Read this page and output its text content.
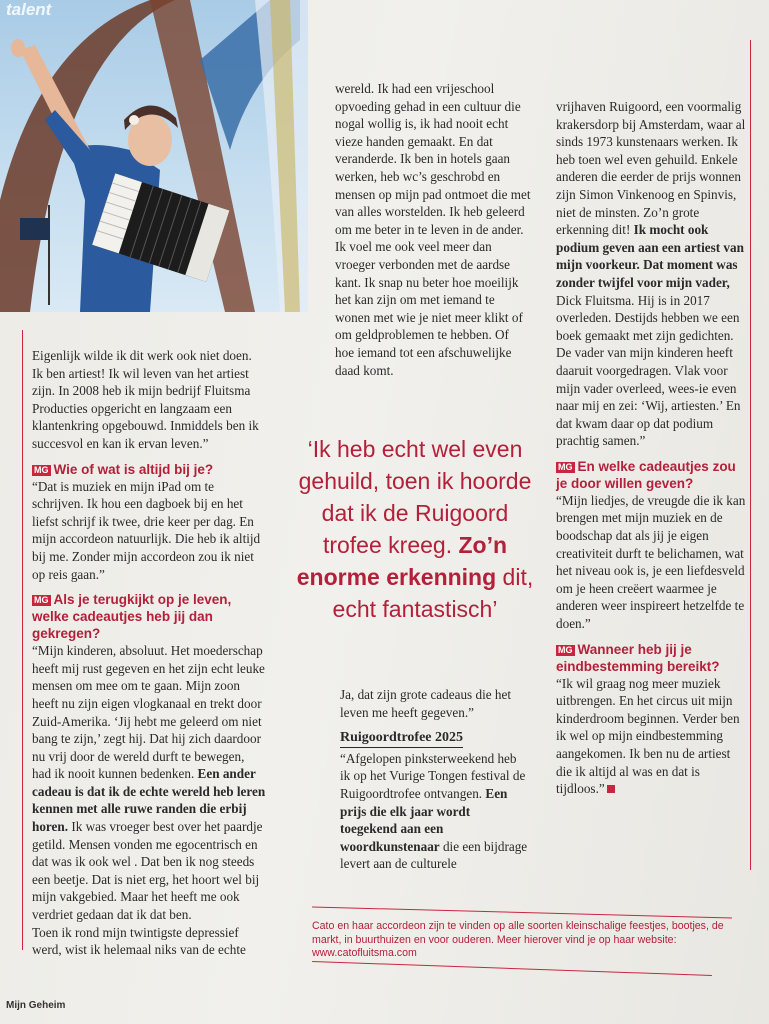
talent

Eigenlijk wilde ik dit werk ook niet doen. Ik ben artiest! Ik wil leven van het artiest zijn. In 2008 heb ik mijn bedrijf Fluitsma Producties opgericht en langzaam een klantenkring opgebouwd. Inmiddels ben ik succesvol en kan ik ervan leven.”

MG Wie of wat is altijd bij je?

“Dat is muziek en mijn iPad om te schrijven. Ik hou een dagboek bij en het liefst schrijf ik twee, drie keer per dag. En mijn accordeon natuurlijk. Die heb ik altijd bij me. Zonder mijn accordeon zou ik niet op reis gaan.”

MG Als je terugkijkt op je leven, welke cadeautjes heb jij dan gekregen?

“Mijn kinderen, absoluut. Het moederschap heeft mij rust gegeven en het zijn echt leuke mensen om mee om te gaan. Mijn zoon heeft nu zijn eigen vlogkanaal en trekt door Zuid-Amerika. ‘Jij hebt me geleerd om niet bang te zijn,’ zegt hij. Dat hij zich daardoor nu vrij door de wereld durft te bewegen, had ik nooit kunnen bedenken. Een ander cadeau is dat ik de echte wereld heb leren kennen met alle ruwe randen die erbij horen. Ik was vroeger best over het paardje getild. Mensen vonden me egocentrisch en dat was ik ook wel . Dat ben ik nog steeds een beetje. Dat is niet erg, het hoort wel bij mijn vakgebied. Maar het heeft me ook verdriet gedaan dat ik dat ben.

Toen ik rond mijn twintigste depressief werd, wist ik helemaal niks van de echte

wereld. Ik had een vrijeschool opvoeding gehad in een cultuur die nogal wollig is, ik had nooit echt vieze handen gemaakt. En dat veranderde. Ik ben in hotels gaan werken, heb wc’s geschrobd en mensen op mijn pad ontmoet die met van alles worstelden. Ik heb geleerd om me beter in te leven in de ander. Ik voel me ook veel meer dan vroeger verbonden met de aardse kant. Ik snap nu beter hoe moeilijk het kan zijn om met iemand te wonen met wie je niet meer klikt of om geldproblemen te hebben. Of hoe iemand tot een afschuwelijke daad komt.

‘Ik heb echt wel even gehuild, toen ik hoorde dat ik de Ruigoord trofee kreeg. Zo’n enorme erkenning dit, echt fantastisch’

Ja, dat zijn grote cadeaus die het leven me heeft gegeven.”

Ruigoordtrofee 2025

“Afgelopen pinksterweekend heb ik op het Vurige Tongen festival de Ruigoordtrofee ontvangen. Een prijs die elk jaar wordt toegekend aan een woordkunstenaar die een bijdrage levert aan de culturele

vrijhaven Ruigoord, een voormalig krakersdorp bij Amsterdam, waar al sinds 1973 kunstenaars werken. Ik heb toen wel even gehuild. Enkele anderen die eerder de prijs wonnen zijn Simon Vinkenoog en Spinvis, niet de minsten. Zo’n grote erkenning dit! Ik mocht ook podium geven aan een artiest van mijn voorkeur. Dat moment was zonder twijfel voor mijn vader, Dick Fluitsma. Hij is in 2017 overleden. Destijds hebben we een boek gemaakt met zijn gedichten. De vader van mijn kinderen heeft daaruit voorgedragen. Vlak voor mijn vader overleed, wees-ie even naar mij en zei: ‘Wij, artiesten.’ En dat kwam daar op dat podium prachtig samen.”

MG En welke cadeautjes zou je door willen geven?

“Mijn liedjes, de vreugde die ik kan brengen met mijn muziek en de boodschap dat als jij je eigen creativiteit durft te belichamen, wat het niveau ook is, je een liefdesveld om je heen creëert waarmee je anderen weer inspireert hetzelfde te doen.”

MG Wanneer heb jij je eindbestemming bereikt?

“Ik wil graag nog meer muziek uitbrengen. En het circus uit mijn kinderdroom beginnen. Verder ben ik wel op mijn eindbestemming aangekomen. Ik ben nu de artiest die ik altijd al was en dat is tijdloos.”

Cato en haar accordeon zijn te vinden op alle soorten kleinschalige feestjes, bootjes, de markt, in buurthuizen en voor ouderen. Meer hierover vind je op haar website: www.catofluitsma.com
Mijn Geheim
